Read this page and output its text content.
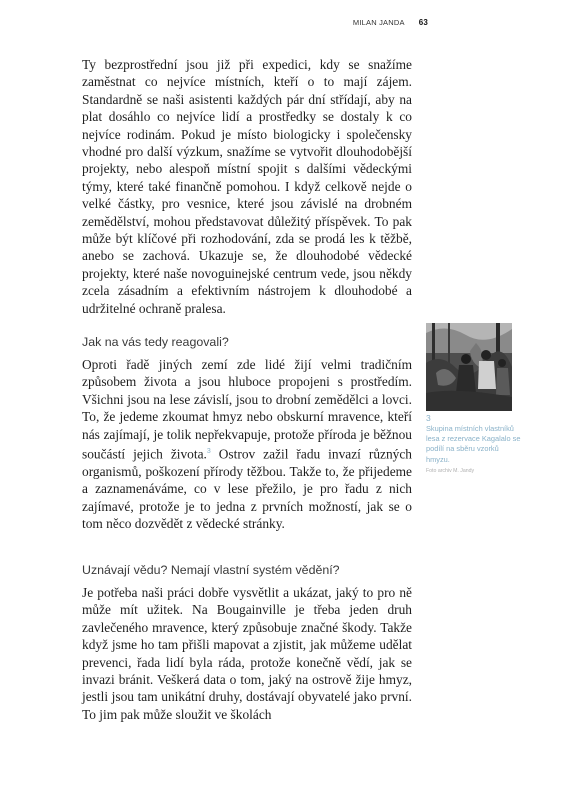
MILAN JANDA 63

Ty bezprostřední jsou již při expedici, kdy se snažíme zaměstnat co nejvíce místních, kteří o to mají zájem. Standardně se naši asistenti každých pár dní střídají, aby na plat dosáhlo co nejvíce lidí a prostředky se dostaly k co nejvíce rodinám. Pokud je místo biologicky i společensky vhodné pro další výzkum, snažíme se vytvořit dlouhodobější projekty, nebo alespoň místní spojit s dalšími vědeckými týmy, které také finančně pomohou. I když celkově nejde o velké částky, pro vesnice, které jsou závislé na drobném zemědělství, mohou představovat důležitý příspěvek. To pak může být klíčové při rozhodování, zda se prodá les k těžbě, anebo se zachová. Ukazuje se, že dlouhodobé vědecké projekty, které naše novoguinejské centrum vede, jsou někdy zcela zásadním a efektivním nástrojem k dlouhodobé a udržitelné ochraně pralesa.

Jak na vás tedy reagovali?

Oproti řadě jiných zemí zde lidé žijí velmi tradičním způsobem života a jsou hluboce propojeni s prostředím. Všichni jsou na lese závislí, jsou to drobní zemědělci a lovci. To, že jedeme zkoumat hmyz nebo obskurní mravence, kteří nás zajímají, je tolik nepřekvapuje, protože příroda je běžnou součástí jejich života.$^3$ Ostrov zažil řadu invazí různých organismů, poškození přírody těžbou. Takže to, že přijedeme a zaznamenáváme, co v lese přežilo, je pro řadu z nich zajímavé, protože je to jedna z prvních možností, jak se o tom něco dozvědět z vědecké stránky.

Uznávají vědu? Nemají vlastní systém vědění?

Je potřeba naši práci dobře vysvětlit a ukázat, jaký to pro ně může mít užitek. Na Bougainville je třeba jeden druh zavlečeného mravence, který způsobuje značné škody. Takže když jsme ho tam přišli mapovat a zjistit, jak můžeme udělat prevenci, řada lidí byla ráda, protože konečně vědí, jak se invazi bránit. Veškerá data o tom, jaký na ostrově žije hmyz, jestli jsou tam unikátní druhy, dostávají obyvatelé jako první. To jim pak může sloužit ve školách

3
Skupina místních vlastníků lesa z rezervace Kagalalo se podílí na sběru vzorků hmyzu.
Foto archiv M. Jandy
